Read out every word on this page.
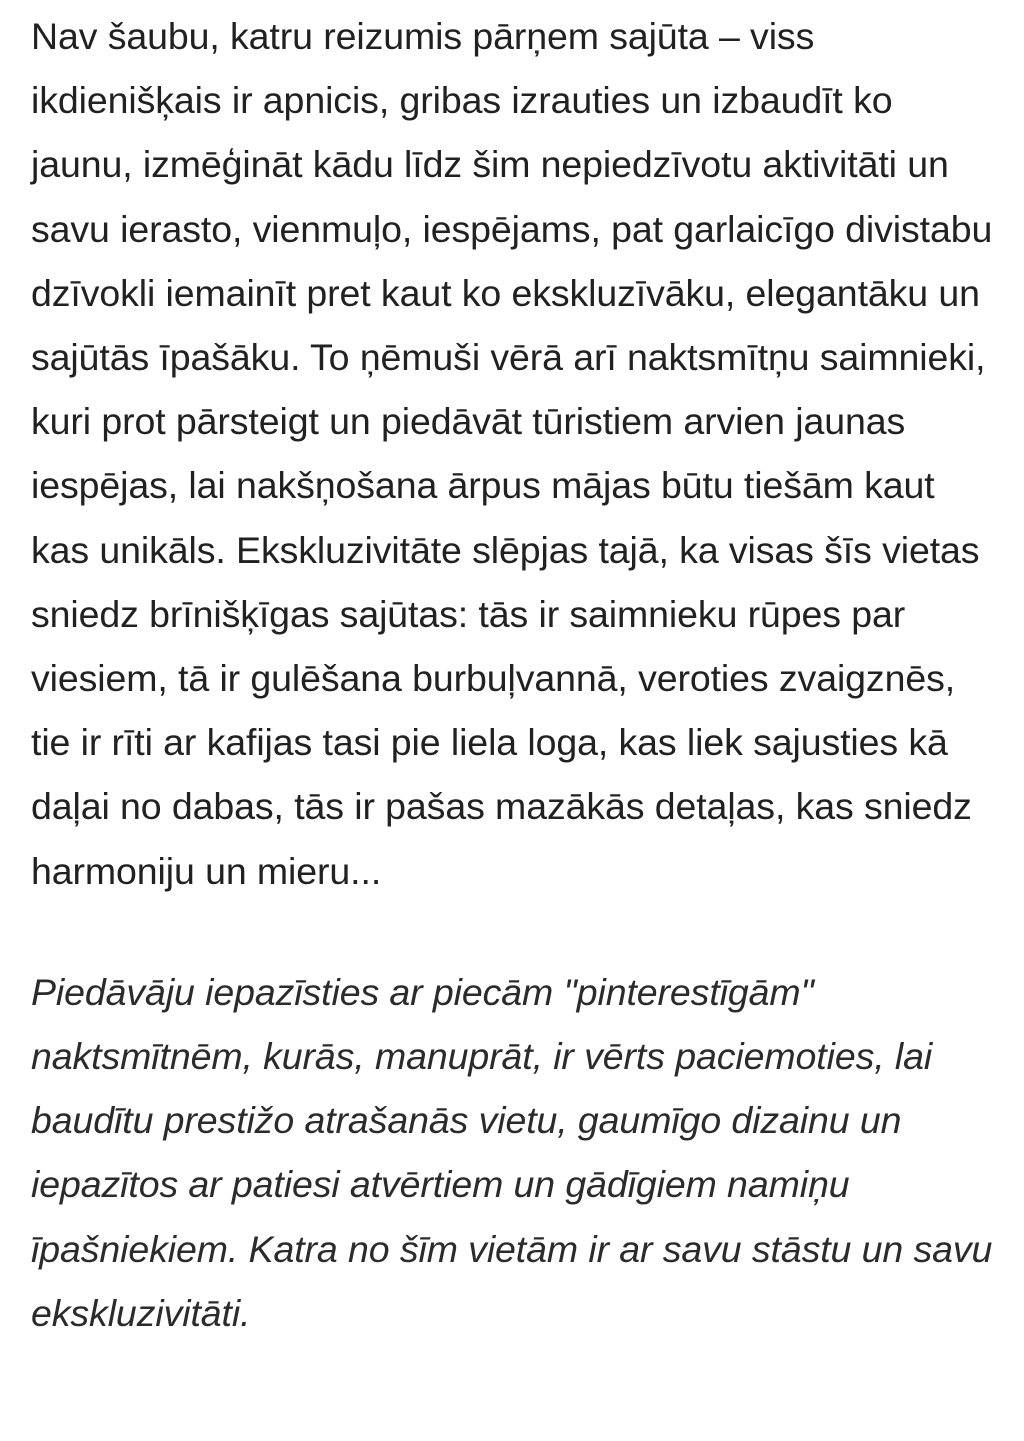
Nav šaubu, katru reizumis pārņem sajūta – viss ikdienišķais ir apnicis, gribas izrauties un izbaudīt ko jaunu, izmēģināt kādu līdz šim nepiedzīvotu aktivitāti un savu ierasto, vienmuļo, iespējams, pat garlaicīgo divistabu dzīvokli iemainīt pret kaut ko ekskluzīvāku, elegantāku un sajūtās īpašāku. To ņēmuši vērā arī naktsmītņu saimnieki, kuri prot pārsteigt un piedāvāt tūristiem arvien jaunas iespējas, lai nakšņošana ārpus mājas būtu tiešām kaut kas unikāls. Ekskluzivitāte slēpjas tajā, ka visas šīs vietas sniedz brīnišķīgas sajūtas: tās ir saimnieku rūpes par viesiem, tā ir gulēšana burbuļvannā, veroties zvaigznēs, tie ir rīti ar kafijas tasi pie liela loga, kas liek sajusties kā daļai no dabas, tās ir pašas mazākās detaļas, kas sniedz harmoniju un mieru...

Piedāvāju iepazīsties ar piecām "pinterestīgām" naktsmītnēm, kurās, manuprāt, ir vērts paciemoties, lai baudītu prestižo atrašanās vietu, gaumīgo dizainu un iepazītos ar patiesi atvērtiem un gādīgiem namiņu īpašniekiem. Katra no šīm vietām ir ar savu stāstu un savu ekskluzivitāti.
